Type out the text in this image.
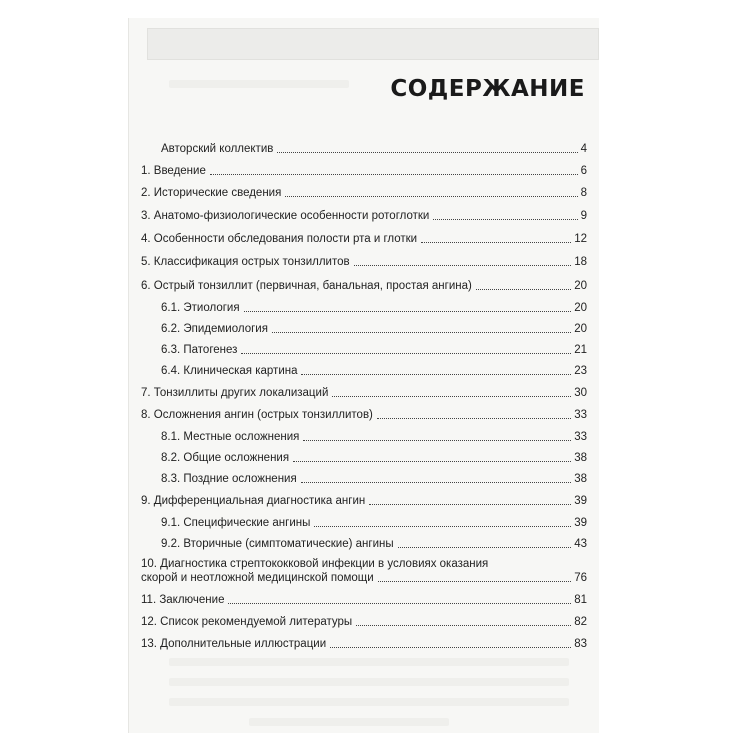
СОДЕРЖАНИЕ
Авторский коллектив	4
1. Введение	6
2. Исторические сведения	8
3. Анатомо-физиологические особенности ротоглотки	9
4. Особенности обследования полости рта и глотки	12
5. Классификация острых тонзиллитов	18
6. Острый тонзиллит (первичная, банальная, простая ангина)	20
6.1. Этиология	20
6.2. Эпидемиология	20
6.3. Патогенез	21
6.4. Клиническая картина	23
7. Тонзиллиты других локализаций	30
8. Осложнения ангин (острых тонзиллитов)	33
8.1. Местные осложнения	33
8.2. Общие осложнения	38
8.3. Поздние осложнения	38
9. Дифференциальная диагностика ангин	39
9.1. Специфические ангины	39
9.2. Вторичные (симптоматические) ангины	43
10. Диагностика стрептококковой инфекции в условиях оказания
скорой и неотложной медицинской помощи	76
11. Заключение	81
12. Список рекомендуемой литературы	82
13. Дополнительные иллюстрации	83
